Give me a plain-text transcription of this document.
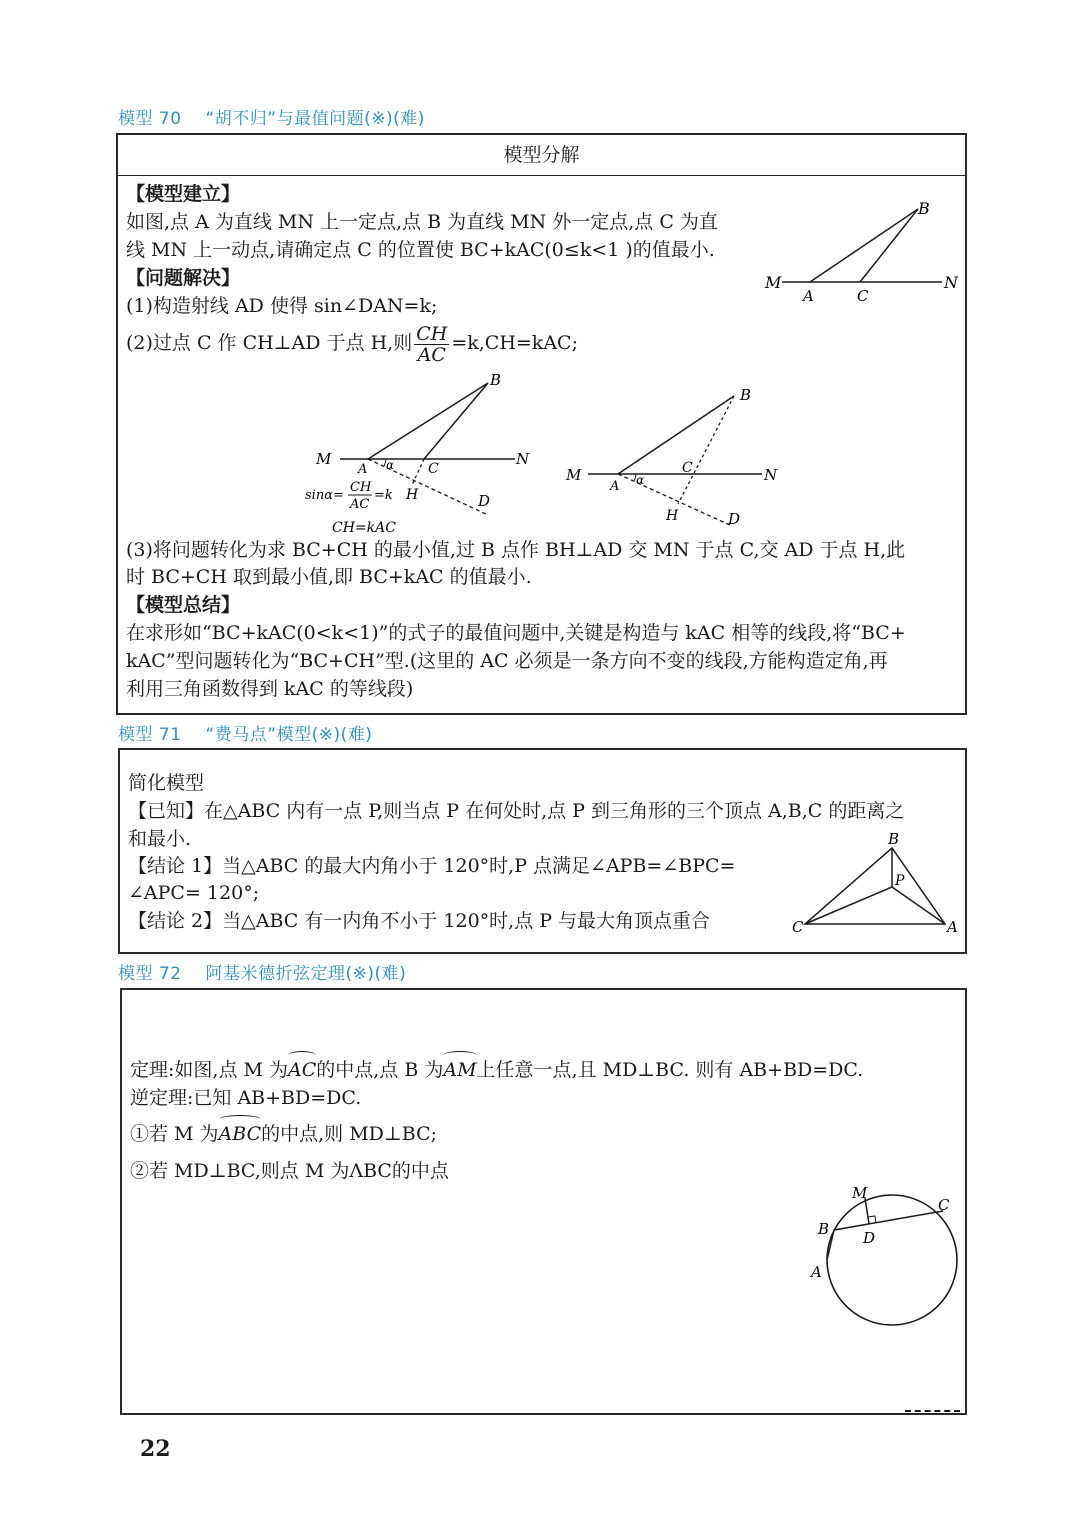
模型 70 “胡不归”与最值问题(※)(难)
模型分解
【模型建立】
如图,点 A 为直线 MN 上一定点,点 B 为直线 MN 外一定点,点 C 为直
线 MN 上一动点,请确定点 C 的位置使 BC+kAC(0≤k<1 )的值最小.
【问题解决】
(1)构造射线 AD 使得 sin∠DAN=k;
(2)过点 C 作 CH⊥AD 于点 H,则 $\frac{CH}{AC} =k,CH=kAC$;
M
A	C
N
B
M
A α C
N
B
H	D
sinα=
CH
AC
=k
CH=kAC
M
A α
C	N
B
H	D
(3)将问题转化为求 BC+CH 的最小值,过 B 点作 BH⊥AD 交 MN 于点 C,交 AD 于点 H,此
时 BC+CH 取到最小值,即 BC+kAC 的值最小.
【模型总结】
在求形如“BC+kAC(0<k<1)”的式子的最值问题中,关键是构造与 kAC 相等的线段,将“BC+
kAC”型问题转化为“BC+CH”型.(这里的 AC 必须是一条方向不变的线段,方能构造定角,再
利用三角函数得到 kAC 的等线段)
模型 71 “费马点”模型(※)(难)
简化模型
【已知】在△ABC 内有一点 P,则当点 P 在何处时,点 P 到三角形的三个顶点 A,B,C 的距离之
和最小.
【结论 1】当△ABC 的最大内角小于 120°时,P 点满足∠APB=∠BPC=
∠APC= 120°;
【结论 2】当△ABC 有一内角不小于 120°时,点 P 与最大角顶点重合
B
P
C	A
模型 72 阿基米德折弦定理(※)(难)
定理:如图,点 M 为AC的中点,点 B 为AM上任意一点,且 MD⊥BC. 则有 AB+BD=DC.
逆定理:已知 AB+BD=DC.
①若 M 为ABC的中点,则 MD⊥BC;
②若 MD⊥BC,则点 M 为ΛBC的中点
M
C
B D
A
22
